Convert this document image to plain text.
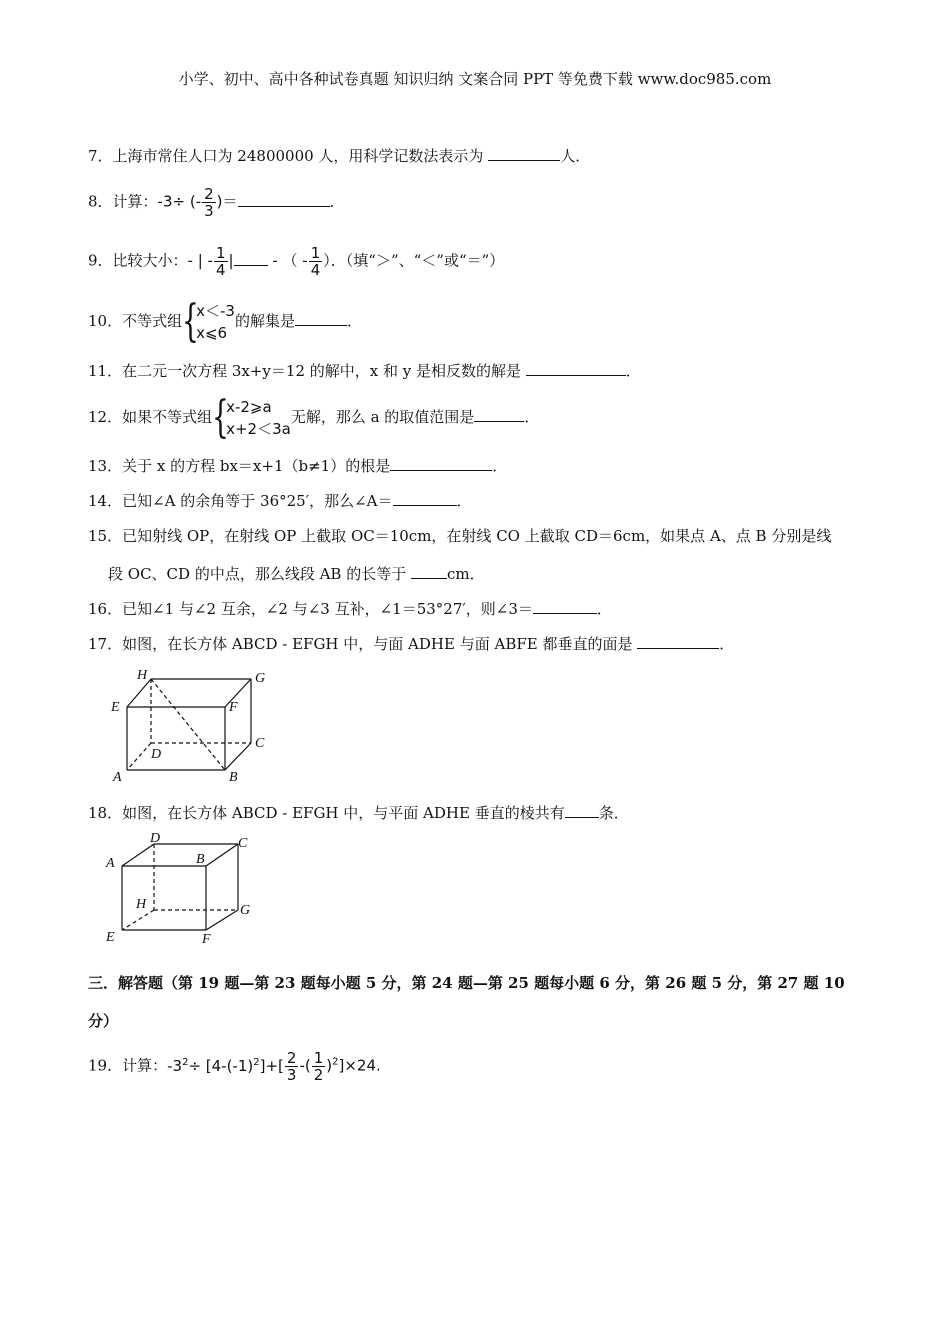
小学、初中、高中各种试卷真题 知识归纳 文案合同 PPT 等免费下载 www.doc985.com
7．上海市常住人口为 24800000 人，用科学记数法表示为	人．
8．计算：-3÷ (- $\frac{2}{3}$ )＝	．
9．比较大小：- | - $\frac{1}{4}$ |	- （ - $\frac{1}{4}$ ）．（填“＞”、“＜”或“＝”）
10．不等式组 {
x＜-3
x⩽6
的解集是	．
11．在二元一次方程 3x+y＝12 的解中，x 和 y 是相反数的解是	．
12．如果不等式组 {
x-2⩾a
x+2＜3a
无解，那么 a 的取值范围是	．
13．关于 x 的方程 bx＝x+1（b≠1）的根是	．
14．已知∠A 的余角等于 36°25′，那么∠A＝	．
15．已知射线 OP，在射线 OP 上截取 OC＝10cm，在射线 CO 上截取 CD＝6cm，如果点 A、点 B 分别是线
段 OC、CD 的中点，那么线段 AB 的长等于	cm．
16．已知∠1 与∠2 互余，∠2 与∠3 互补，∠1＝53°27′，则∠3＝	．
17．如图，在长方体 ABCD - EFGH 中，与面 ADHE 与面 ABFE 都垂直的面是	．
H	G
E	F
D
C
A	B
18．如图，在长方体 ABCD - EFGH 中，与平面 ADHE 垂直的棱共有 条．
D	C
A	B
H	G
E	F
三．解答题（第 19 题—第 23 题每小题 5 分，第 24 题—第 25 题每小题 6 分，第 26 题 5 分，第 27 题 10
分）
19．计算：$-3^2\div [4-(-1)^2]+[ \frac{2}{3}$ -( $\frac{1}{2} )^2]\times 24$.
